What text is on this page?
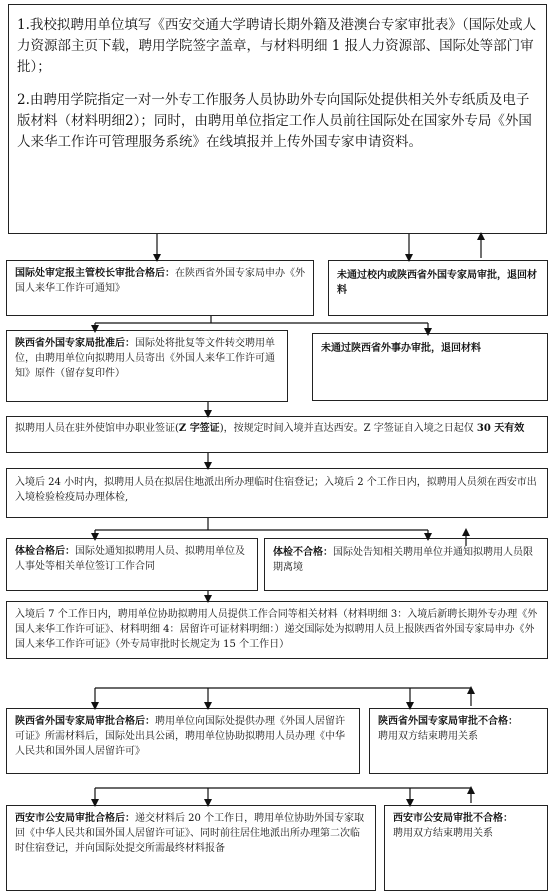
1.我校拟聘用单位填写《西安交通大学聘请长期外籍及港澳台专家审批表》（国际处或人力资源部主页下载，聘用学院签字盖章，与材料明细 1 报人力资源部、国际处等部门审批）；

2.由聘用学院指定一对一外专工作服务人员协助外专向国际处提供相关外专纸质及电子版材料（材料明细2）；同时，由聘用单位指定工作人员前往国际处在国家外专局《外国人来华工作许可管理服务系统》在线填报并上传外国专家申请资料。

国际处审定报主管校长审批合格后：在陕西省外国专家局申办《外国人来华工作许可通知》
未通过校内或陕西省外国专家局审批，退回材料
陕西省外国专家局批准后：国际处将批复等文件转交聘用单位，由聘用单位向拟聘用人员寄出《外国人来华工作许可通知》原件（留存复印件）
未通过陕西省外事办审批，退回材料
拟聘用人员在驻外使馆申办职业签证(Z 字签证)，按规定时间入境并直达西安。Z 字签证自入境之日起仅 30 天有效
入境后 24 小时内，拟聘用人员在拟居住地派出所办理临时住宿登记；入境后 2 个工作日内，拟聘用人员须在西安市出入境检验检疫局办理体检,
体检合格后：国际处通知拟聘用人员、拟聘用单位及人事处等相关单位签订工作合同
体检不合格：国际处告知相关聘用单位并通知拟聘用人员限期离境
入境后 7 个工作日内，聘用单位协助拟聘用人员提供工作合同等相关材料（材料明细 3：入境后新聘长期外专办理《外国人来华工作许可证》、材料明细 4：居留许可证材料明细：）递交国际处为拟聘用人员上报陕西省外国专家局申办《外国人来华工作许可证》（外专局审批时长规定为 15 个工作日）
陕西省外国专家局审批合格后：聘用单位向国际处提供办理《外国人居留许可证》所需材料后，国际处出具公函，聘用单位协助拟聘用人员办理《中华人民共和国外国人居留许可》
陕西省外国专家局审批不合格：
聘用双方结束聘用关系
西安市公安局审批合格后：递交材料后 20 个工作日，聘用单位协助外国专家取回《中华人民共和国外国人居留许可证》、同时前往居住地派出所办理第二次临时住宿登记，并向国际处提交所需最终材料报备
西安市公安局审批不合格：
聘用双方结束聘用关系
